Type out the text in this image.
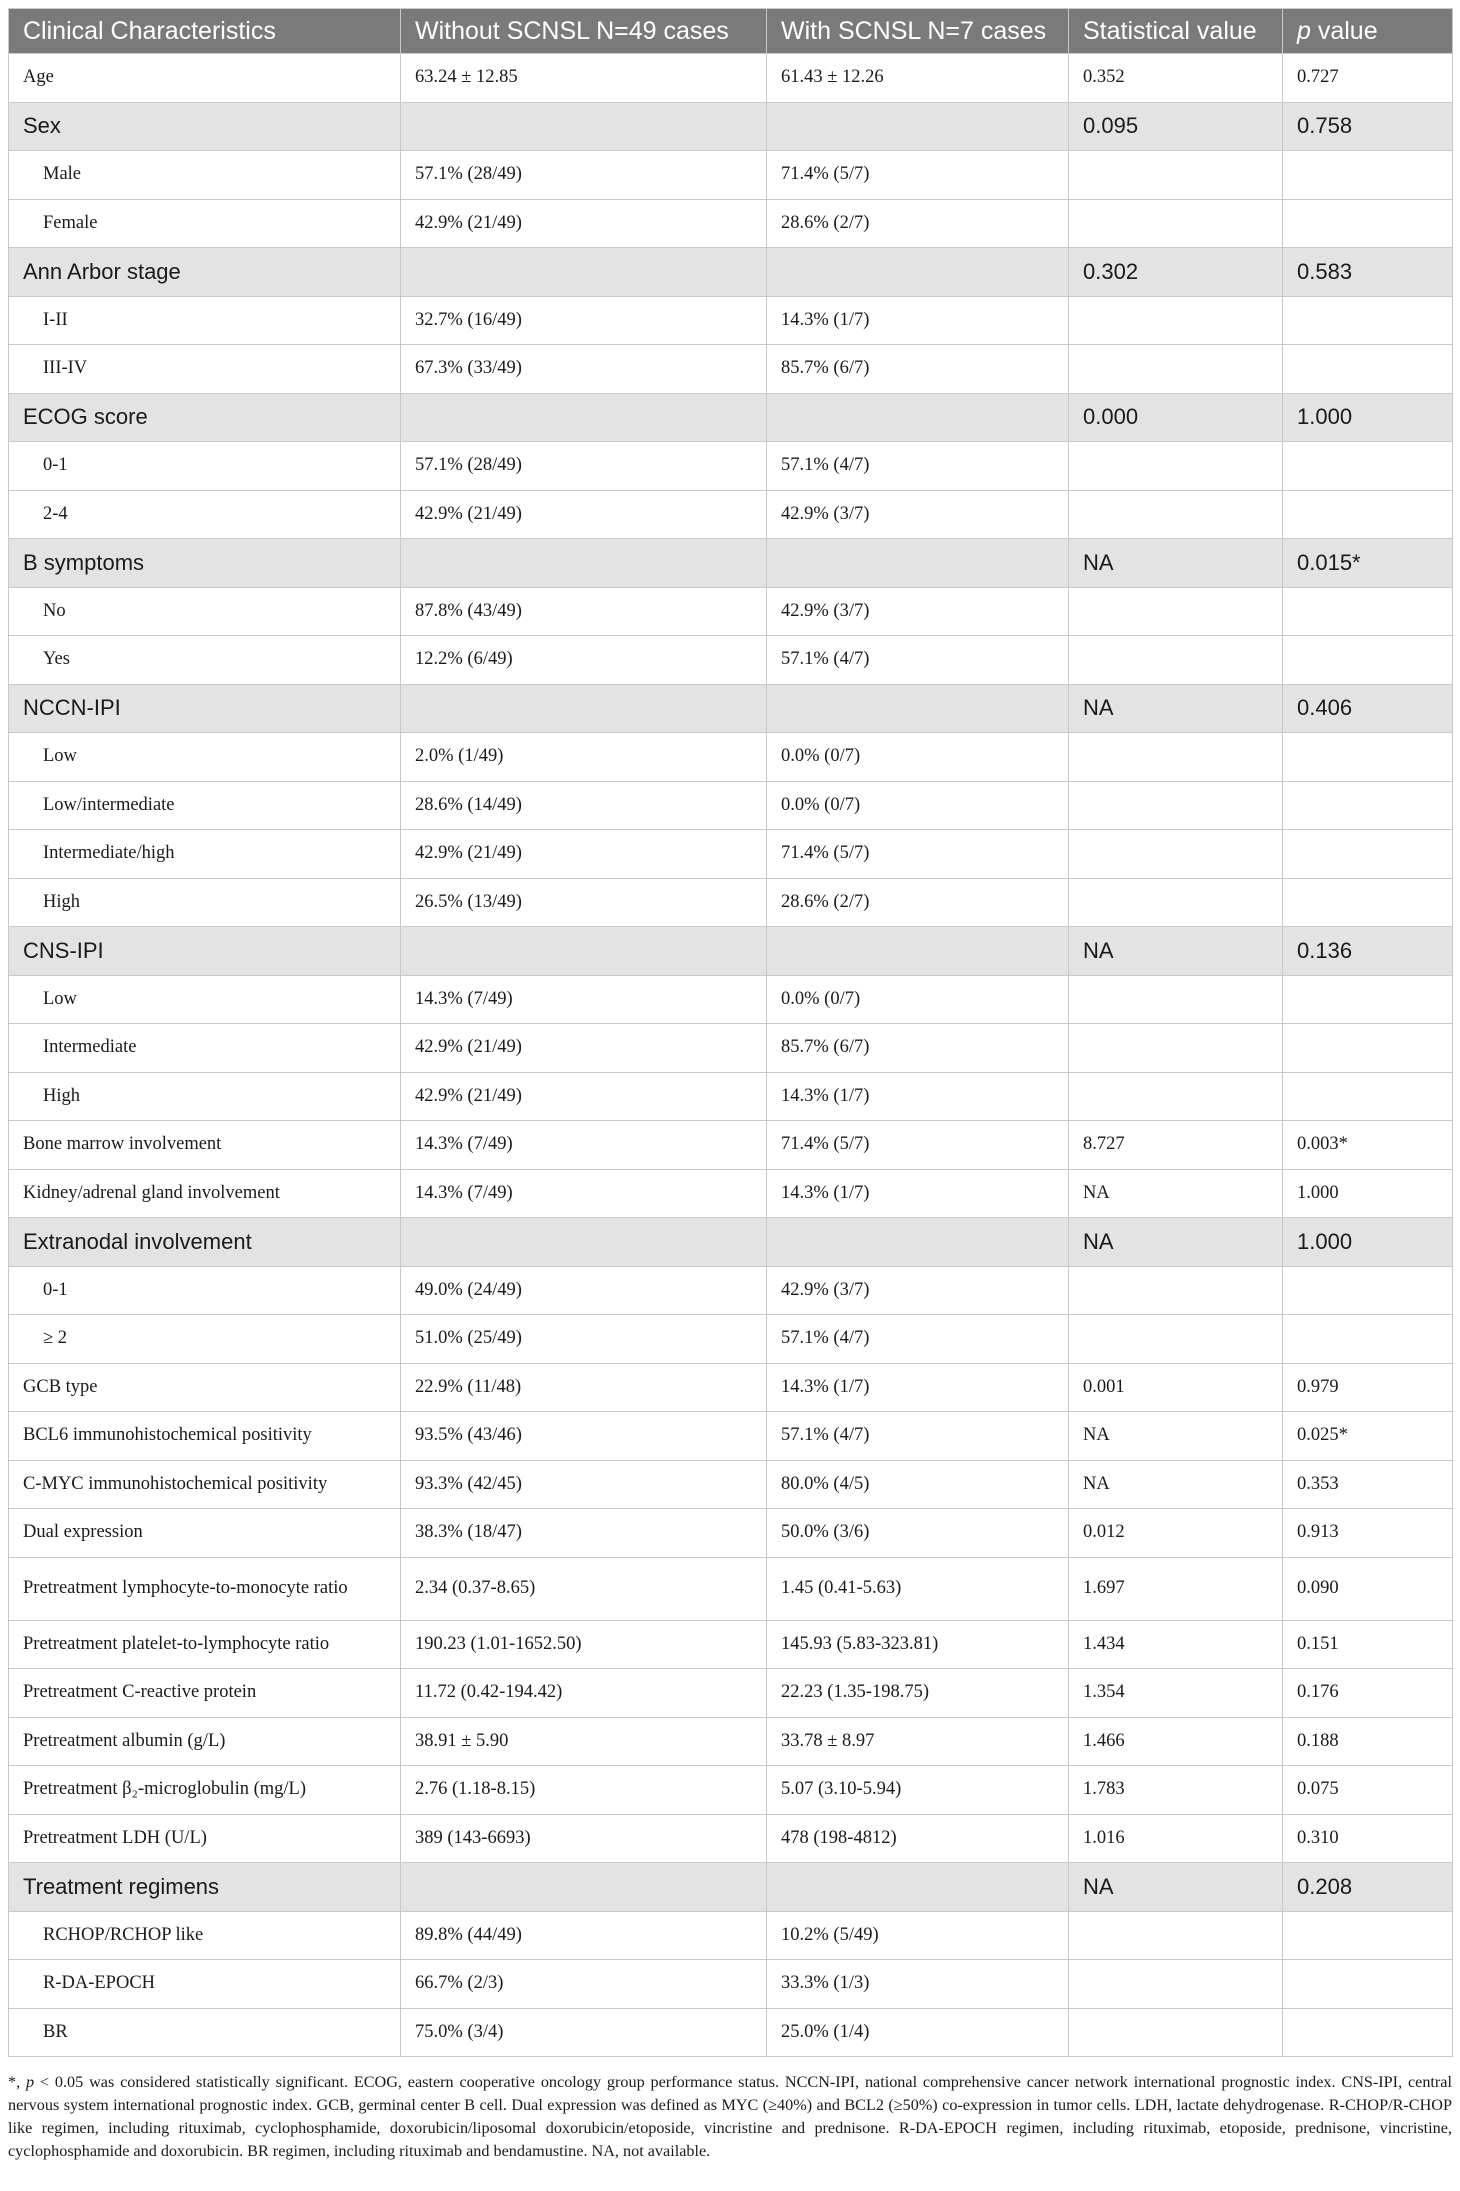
Clinical Characteristics	Without SCNSL N=49 cases	With SCNSL N=7 cases	Statistical value	p value
Age	63.24 ± 12.85	61.43 ± 12.26	0.352	0.727
Sex			0.095	0.758
Male	57.1% (28/49)	71.4% (5/7)		
Female	42.9% (21/49)	28.6% (2/7)		
Ann Arbor stage			0.302	0.583
I-II	32.7% (16/49)	14.3% (1/7)		
III-IV	67.3% (33/49)	85.7% (6/7)		
ECOG score			0.000	1.000
0-1	57.1% (28/49)	57.1% (4/7)		
2-4	42.9% (21/49)	42.9% (3/7)		
B symptoms			NA	0.015*
No	87.8% (43/49)	42.9% (3/7)		
Yes	12.2% (6/49)	57.1% (4/7)		
NCCN-IPI			NA	0.406
Low	2.0% (1/49)	0.0% (0/7)		
Low/intermediate	28.6% (14/49)	0.0% (0/7)		
Intermediate/high	42.9% (21/49)	71.4% (5/7)		
High	26.5% (13/49)	28.6% (2/7)		
CNS-IPI			NA	0.136
Low	14.3% (7/49)	0.0% (0/7)		
Intermediate	42.9% (21/49)	85.7% (6/7)		
High	42.9% (21/49)	14.3% (1/7)		
Bone marrow involvement	14.3% (7/49)	71.4% (5/7)	8.727	0.003*
Kidney/adrenal gland involvement	14.3% (7/49)	14.3% (1/7)	NA	1.000
Extranodal involvement			NA	1.000
0-1	49.0% (24/49)	42.9% (3/7)		
≥ 2	51.0% (25/49)	57.1% (4/7)		
GCB type	22.9% (11/48)	14.3% (1/7)	0.001	0.979
BCL6 immunohistochemical positivity	93.5% (43/46)	57.1% (4/7)	NA	0.025*
C-MYC immunohistochemical positivity	93.3% (42/45)	80.0% (4/5)	NA	0.353
Dual expression	38.3% (18/47)	50.0% (3/6)	0.012	0.913
Pretreatment lymphocyte-to-monocyte ratio	2.34 (0.37-8.65)	1.45 (0.41-5.63)	1.697	0.090
Pretreatment platelet-to-lymphocyte ratio	190.23 (1.01-1652.50)	145.93 (5.83-323.81)	1.434	0.151
Pretreatment C-reactive protein	11.72 (0.42-194.42)	22.23 (1.35-198.75)	1.354	0.176
Pretreatment albumin (g/L)	38.91 ± 5.90	33.78 ± 8.97	1.466	0.188
Pretreatment β₂-microglobulin (mg/L)	2.76 (1.18-8.15)	5.07 (3.10-5.94)	1.783	0.075
Pretreatment LDH (U/L)	389 (143-6693)	478 (198-4812)	1.016	0.310
Treatment regimens			NA	0.208
RCHOP/RCHOP like	89.8% (44/49)	10.2% (5/49)		
R-DA-EPOCH	66.7% (2/3)	33.3% (1/3)		
BR	75.0% (3/4)	25.0% (1/4)		
*, p < 0.05 was considered statistically significant. ECOG, eastern cooperative oncology group performance status. NCCN-IPI, national comprehensive cancer network international prognostic index. CNS-IPI, central nervous system international prognostic index. GCB, germinal center B cell. Dual expression was defined as MYC (≥40%) and BCL2 (≥50%) co-expression in tumor cells. LDH, lactate dehydrogenase. R-CHOP/R-CHOP like regimen, including rituximab, cyclophosphamide, doxorubicin/liposomal doxorubicin/etoposide, vincristine and prednisone. R-DA-EPOCH regimen, including rituximab, etoposide, prednisone, vincristine, cyclophosphamide and doxorubicin. BR regimen, including rituximab and bendamustine. NA, not available.
